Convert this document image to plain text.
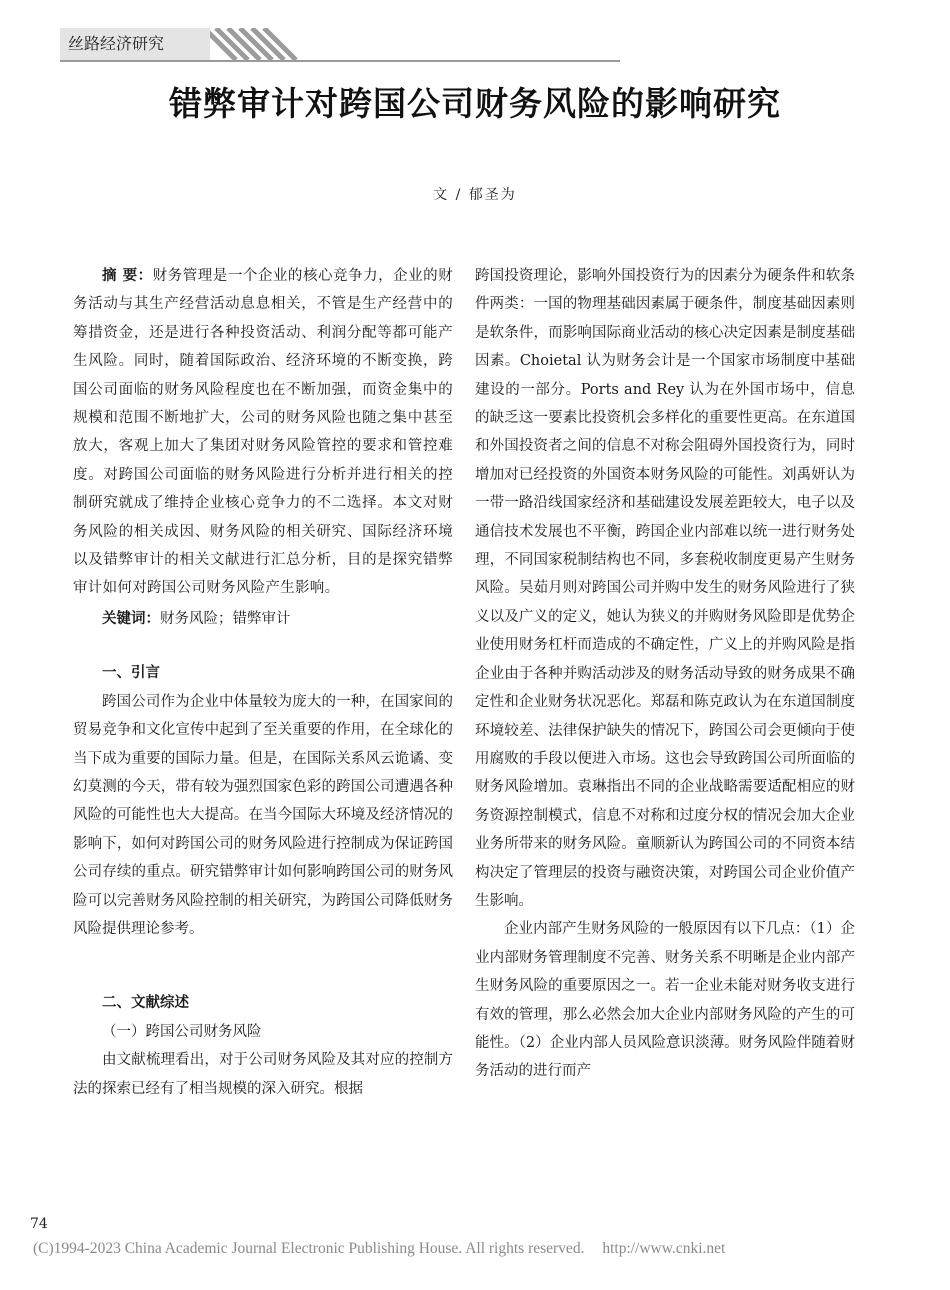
丝路经济研究
错弊审计对跨国公司财务风险的影响研究
文 / 郁圣为

摘 要：财务管理是一个企业的核心竞争力，企业的财务活动与其生产经营活动息息相关，不管是生产经营中的筹措资金，还是进行各种投资活动、利润分配等都可能产生风险。同时，随着国际政治、经济环境的不断变换，跨国公司面临的财务风险程度也在不断加强，而资金集中的规模和范围不断地扩大，公司的财务风险也随之集中甚至放大，客观上加大了集团对财务风险管控的要求和管控难度。对跨国公司面临的财务风险进行分析并进行相关的控制研究就成了维持企业核心竞争力的不二选择。本文对财务风险的相关成因、财务风险的相关研究、国际经济环境以及错弊审计的相关文献进行汇总分析，目的是探究错弊审计如何对跨国公司财务风险产生影响。

关键词：财务风险；错弊审计

一、引言

跨国公司作为企业中体量较为庞大的一种，在国家间的贸易竞争和文化宣传中起到了至关重要的作用，在全球化的当下成为重要的国际力量。但是，在国际关系风云诡谲、变幻莫测的今天，带有较为强烈国家色彩的跨国公司遭遇各种风险的可能性也大大提高。在当今国际大环境及经济情况的影响下，如何对跨国公司的财务风险进行控制成为保证跨国公司存续的重点。研究错弊审计如何影响跨国公司的财务风险可以完善财务风险控制的相关研究，为跨国公司降低财务风险提供理论参考。

二、文献综述

（一）跨国公司财务风险

由文献梳理看出，对于公司财务风险及其对应的控制方法的探索已经有了相当规模的深入研究。根据

跨国投资理论，影响外国投资行为的因素分为硬条件和软条件两类：一国的物理基础因素属于硬条件，制度基础因素则是软条件，而影响国际商业活动的核心决定因素是制度基础因素。Choietal 认为财务会计是一个国家市场制度中基础建设的一部分。Ports and Rey 认为在外国市场中，信息的缺乏这一要素比投资机会多样化的重要性更高。在东道国和外国投资者之间的信息不对称会阻碍外国投资行为，同时增加对已经投资的外国资本财务风险的可能性。刘禹妍认为一带一路沿线国家经济和基础建设发展差距较大，电子以及通信技术发展也不平衡，跨国企业内部难以统一进行财务处理，不同国家税制结构也不同，多套税收制度更易产生财务风险。吴茹月则对跨国公司并购中发生的财务风险进行了狭义以及广义的定义，她认为狭义的并购财务风险即是优势企业使用财务杠杆而造成的不确定性，广义上的并购风险是指企业由于各种并购活动涉及的财务活动导致的财务成果不确定性和企业财务状况恶化。郑磊和陈克政认为在东道国制度环境较差、法律保护缺失的情况下，跨国公司会更倾向于使用腐败的手段以便进入市场。这也会导致跨国公司所面临的财务风险增加。袁琳指出不同的企业战略需要适配相应的财务资源控制模式，信息不对称和过度分权的情况会加大企业业务所带来的财务风险。童顺新认为跨国公司的不同资本结构决定了管理层的投资与融资决策，对跨国公司企业价值产生影响。

企业内部产生财务风险的一般原因有以下几点：（1）企业内部财务管理制度不完善、财务关系不明晰是企业内部产生财务风险的重要原因之一。若一企业未能对财务收支进行有效的管理，那么必然会加大企业内部财务风险的产生的可能性。（2）企业内部人员风险意识淡薄。财务风险伴随着财务活动的进行而产

74
(C)1994-2023 China Academic Journal Electronic Publishing House. All rights reserved. http://www.cnki.net
